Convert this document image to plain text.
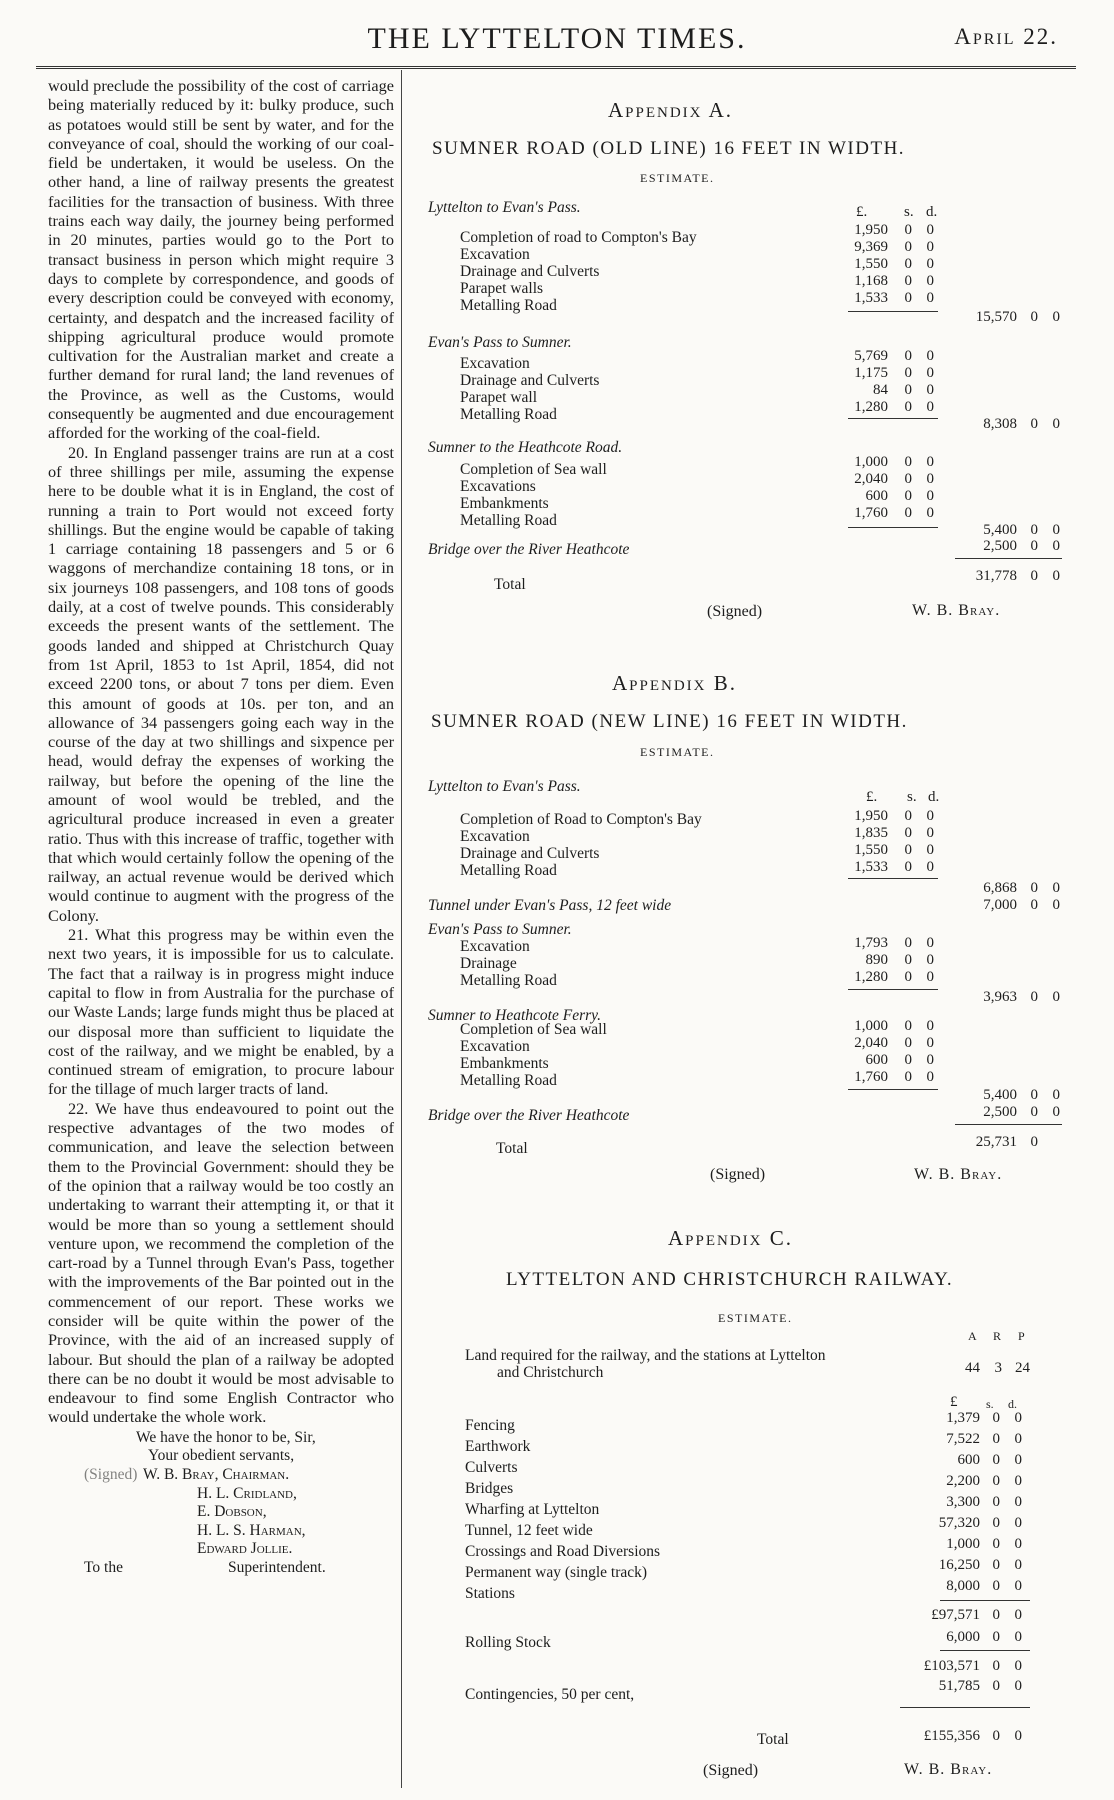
THE LYTTELTON TIMES.	April 22.

would preclude the possibility of the cost of carriage being materially reduced by it: bulky produce, such as potatoes would still be sent by water, and for the conveyance of coal, should the working of our coal-field be undertaken, it would be useless. On the other hand, a line of railway presents the greatest facilities for the transaction of business. With three trains each way daily, the journey being performed in 20 minutes, parties would go to the Port to transact business in person which might require 3 days to complete by correspondence, and goods of every description could be conveyed with economy, certainty, and despatch and the increased facility of shipping agricultural produce would promote cultivation for the Australian market and create a further demand for rural land; the land revenues of the Province, as well as the Customs, would consequently be augmented and due encouragement afforded for the working of the coal-field.

20. In England passenger trains are run at a cost of three shillings per mile, assuming the expense here to be double what it is in England, the cost of running a train to Port would not exceed forty shillings. But the engine would be capable of taking 1 carriage containing 18 passengers and 5 or 6 waggons of merchandize containing 18 tons, or in six journeys 108 passengers, and 108 tons of goods daily, at a cost of twelve pounds. This considerably exceeds the present wants of the settlement. The goods landed and shipped at Christchurch Quay from 1st April, 1853 to 1st April, 1854, did not exceed 2200 tons, or about 7 tons per diem. Even this amount of goods at 10s. per ton, and an allowance of 34 passengers going each way in the course of the day at two shillings and sixpence per head, would defray the expenses of working the railway, but before the opening of the line the amount of wool would be trebled, and the agricultural produce increased in even a greater ratio. Thus with this increase of traffic, together with that which would certainly follow the opening of the railway, an actual revenue would be derived which would continue to augment with the progress of the Colony.

21. What this progress may be within even the next two years, it is impossible for us to calculate. The fact that a railway is in progress might induce capital to flow in from Australia for the purchase of our Waste Lands; large funds might thus be placed at our disposal more than sufficient to liquidate the cost of the railway, and we might be enabled, by a continued stream of emigration, to procure labour for the tillage of much larger tracts of land.

22. We have thus endeavoured to point out the respective advantages of the two modes of communication, and leave the selection between them to the Provincial Government: should they be of the opinion that a railway would be too costly an undertaking to warrant their attempting it, or that it would be more than so young a settlement should venture upon, we recommend the completion of the cart-road by a Tunnel through Evan's Pass, together with the improvements of the Bar pointed out in the commencement of our report. These works we consider will be quite within the power of the Province, with the aid of an increased supply of labour. But should the plan of a railway be adopted there can be no doubt it would be most advisable to endeavour to find some English Contractor who would undertake the whole work.

We have the honor to be, Sir,
Your obedient servants,
(Signed) W. B. Bray, Chairman.
H. L. Cridland,
E. Dobson,
H. L. S. Harman,
Edward Jollie.
To the	Superintendent.
Appendix A.
SUMNER ROAD (OLD LINE) 16 FEET IN WIDTH.
ESTIMATE.
£. s. d.
Lyttelton to Evan's Pass.
Completion of road to Compton's Bay	1,950	0 0
Excavation	9,369	0 0
Drainage and Culverts	1,550	0 0
Parapet walls	1,168	0 0
Metalling Road	1,533	0 0
15,570 0 0
Evan's Pass to Sumner.
Excavation	5,769	0 0
Drainage and Culverts	1,175	0 0
Parapet wall	84	0 0
Metalling Road	1,280	0 0
8,308 0 0
Sumner to the Heathcote Road.
Completion of Sea wall	1,000	0 0
Excavations	2,040	0 0
Embankments	600	0 0
Metalling Road	1,760	0 0
5,400 0 0
Bridge over the River Heathcote	2,500 0 0
Total	31,778 0 0
(Signed)	W. B. Bray.
Appendix B.
SUMNER ROAD (NEW LINE) 16 FEET IN WIDTH.
ESTIMATE.
Lyttelton to Evan's Pass.
£. s. d.
Completion of Road to Compton's Bay	1,950	0 0
Excavation	1,835	0 0
Drainage and Culverts	1,550	0 0
Metalling Road	1,533	0 0
6,868 0 0
Tunnel under Evan's Pass, 12 feet wide	7,000 0 0
Evan's Pass to Sumner.
Excavation	1,793	0 0
Drainage	890	0 0
Metalling Road	1,280	0 0
3,963 0 0
Sumner to Heathcote Ferry.
Completion of Sea wall	1,000	0 0
Excavation	2,040	0 0
Embankments	600	0 0
Metalling Road	1,760	0 0
5,400 0 0
Bridge over the River Heathcote	2,500 0 0
Total	25,731 0
(Signed)	W. B. Bray.
Appendix C.
LYTTELTON AND CHRISTCHURCH RAILWAY.
ESTIMATE.
A R P
Land required for the railway, and the stations at Lyttelton
and Christchurch	44 3 24
£ s. d.
Fencing	1,379 0 0
Earthwork	7,522 0 0
Culverts	600 0 0
Bridges	2,200 0 0
Wharfing at Lyttelton	3,300 0 0
Tunnel, 12 feet wide	57,320 0 0
Crossings and Road Diversions	1,000 0 0
Permanent way (single track)	16,250 0 0
Stations	8,000 0 0
£97,571 0 0
Rolling Stock	6,000 0 0
£103,571 0 0
Contingencies, 50 per cent,	51,785 0 0
Total	£155,356 0 0
(Signed)	W. B. Bray.
